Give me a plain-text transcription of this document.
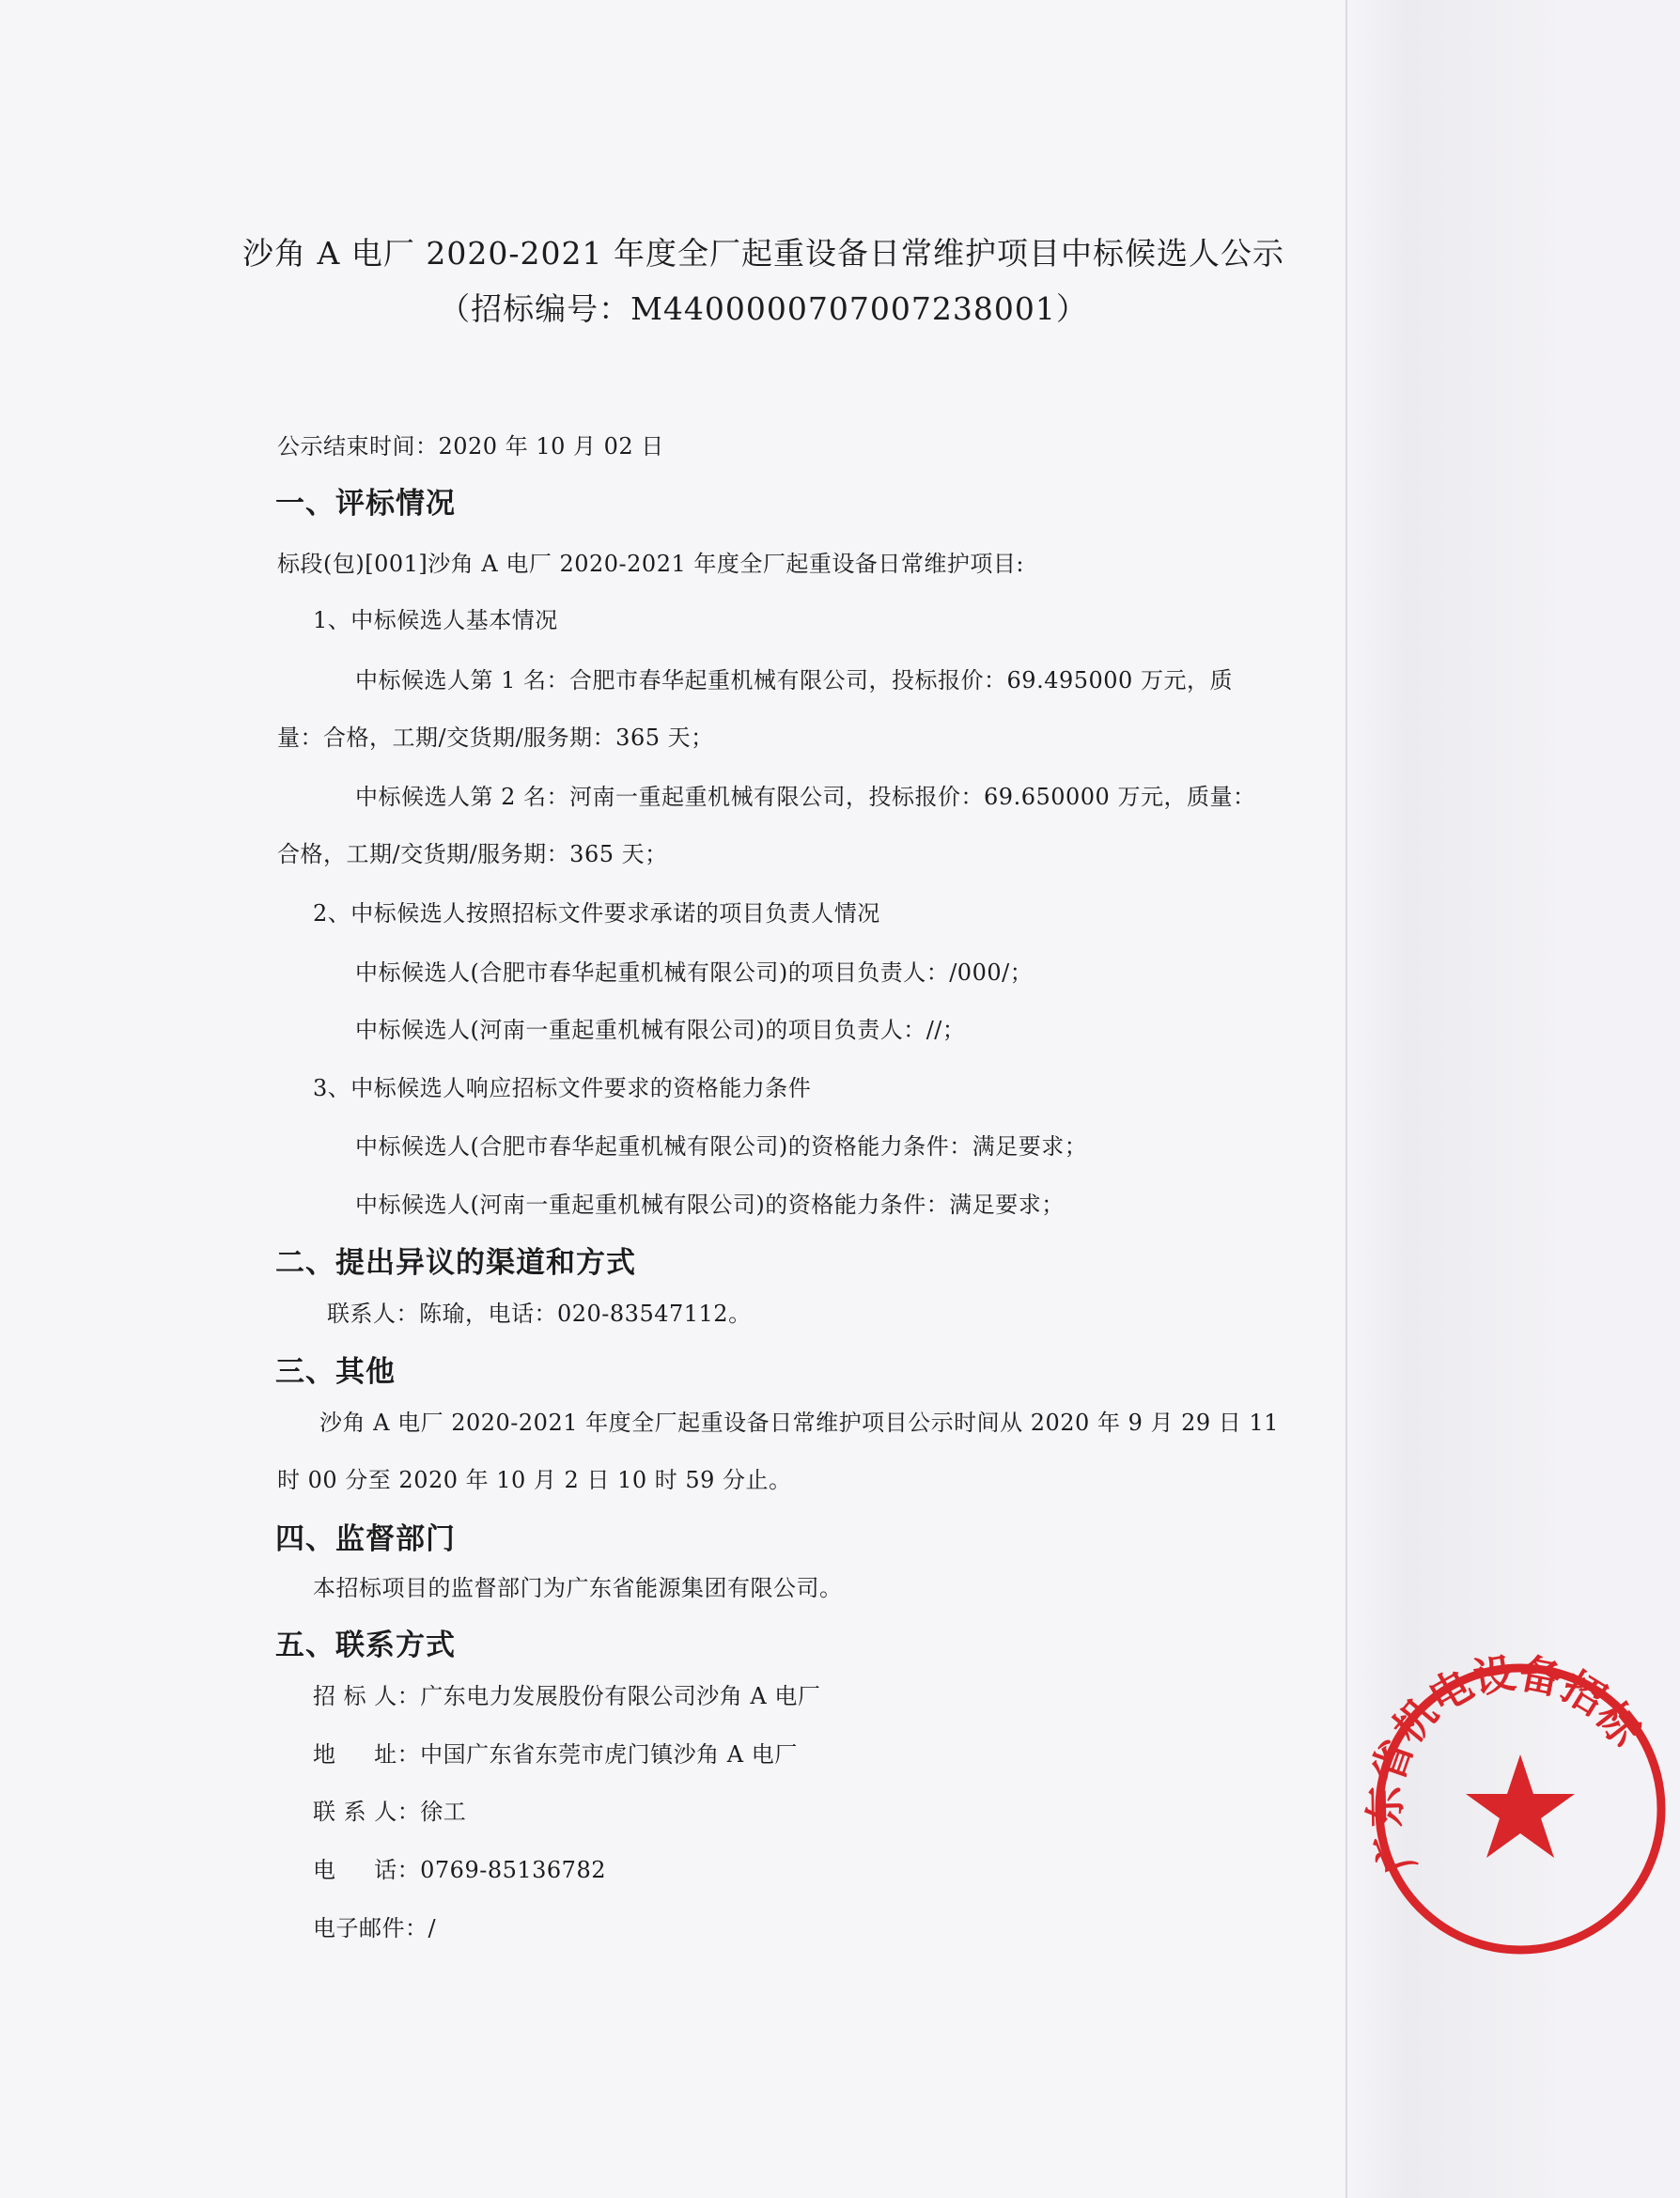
沙角 A 电厂 2020-2021 年度全厂起重设备日常维护项目中标候选人公示
（招标编号：M4400000707007238001）
公示结束时间：2020 年 10 月 02 日
一、评标情况
标段(包)[001]沙角 A 电厂 2020-2021 年度全厂起重设备日常维护项目:
1、中标候选人基本情况
中标候选人第 1 名：合肥市春华起重机械有限公司，投标报价：69.495000 万元，质
量：合格，工期/交货期/服务期：365 天；
中标候选人第 2 名：河南一重起重机械有限公司，投标报价：69.650000 万元，质量：
合格，工期/交货期/服务期：365 天；
2、中标候选人按照招标文件要求承诺的项目负责人情况
中标候选人(合肥市春华起重机械有限公司)的项目负责人：/000/；
中标候选人(河南一重起重机械有限公司)的项目负责人：//；
3、中标候选人响应招标文件要求的资格能力条件
中标候选人(合肥市春华起重机械有限公司)的资格能力条件：满足要求；
中标候选人(河南一重起重机械有限公司)的资格能力条件：满足要求；
二、提出异议的渠道和方式
联系人：陈瑜，电话：020-83547112。
三、其他
沙角 A 电厂 2020-2021 年度全厂起重设备日常维护项目公示时间从 2020 年 9 月 29 日 11
时 00 分至 2020 年 10 月 2 日 10 时 59 分止。
四、监督部门
本招标项目的监督部门为广东省能源集团有限公司。
五、联系方式
招 标 人：广东电力发展股份有限公司沙角 A 电厂
地     址：中国广东省东莞市虎门镇沙角 A 电厂
联 系 人：徐工
电     话：0769-85136782
电子邮件：/
广东省机电设备招标
